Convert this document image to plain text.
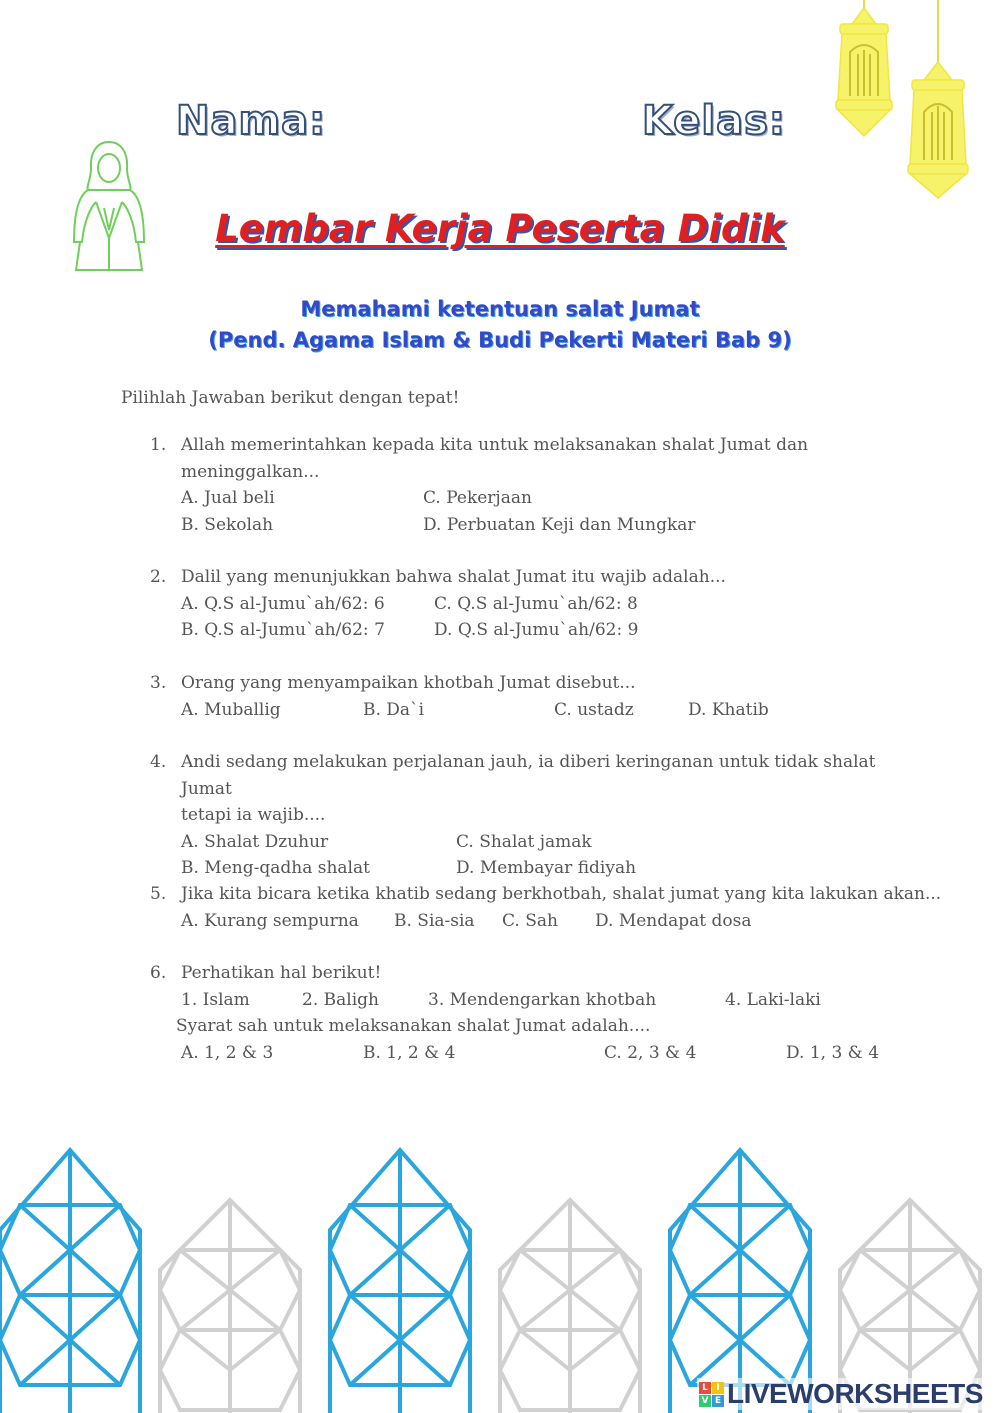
Nama:	Kelas:
Lembar Kerja Peserta Didik
Memahami ketentuan salat Jumat
(Pend. Agama Islam & Budi Pekerti Materi Bab 9)
Pilihlah Jawaban berikut dengan tepat!
1. Allah memerintahkan kepada kita untuk melaksanakan shalat Jumat dan
meninggalkan...
A. Jual beli	C. Pekerjaan
B. Sekolah	D. Perbuatan Keji dan Mungkar
2. Dalil yang menunjukkan bahwa shalat Jumat itu wajib adalah...
A. Q.S al-Jumu`ah/62: 6	C. Q.S al-Jumu`ah/62: 8
B. Q.S al-Jumu`ah/62: 7	D. Q.S al-Jumu`ah/62: 9
3. Orang yang menyampaikan khotbah Jumat disebut...
A. Muballig	B. Da`i	C. ustadz	D. Khatib
4. Andi sedang melakukan perjalanan jauh, ia diberi keringanan untuk tidak shalat Jumat
tetapi ia wajib....
A. Shalat Dzuhur	C. Shalat jamak
B. Meng-qadha shalat	D. Membayar fidiyah
5. Jika kita bicara ketika khatib sedang berkhotbah, shalat jumat yang kita lakukan akan...
A. Kurang sempurna B. Sia-sia C. Sah D. Mendapat dosa
6. Perhatikan hal berikut!
1. Islam	2. Baligh	3. Mendengarkan khotbah	4. Laki-laki
Syarat sah untuk melaksanakan shalat Jumat adalah....
A. 1, 2 & 3	B. 1, 2 & 4	C. 2, 3 & 4	D. 1, 3 & 4
L I
V E LIVEWORKSHEETS
